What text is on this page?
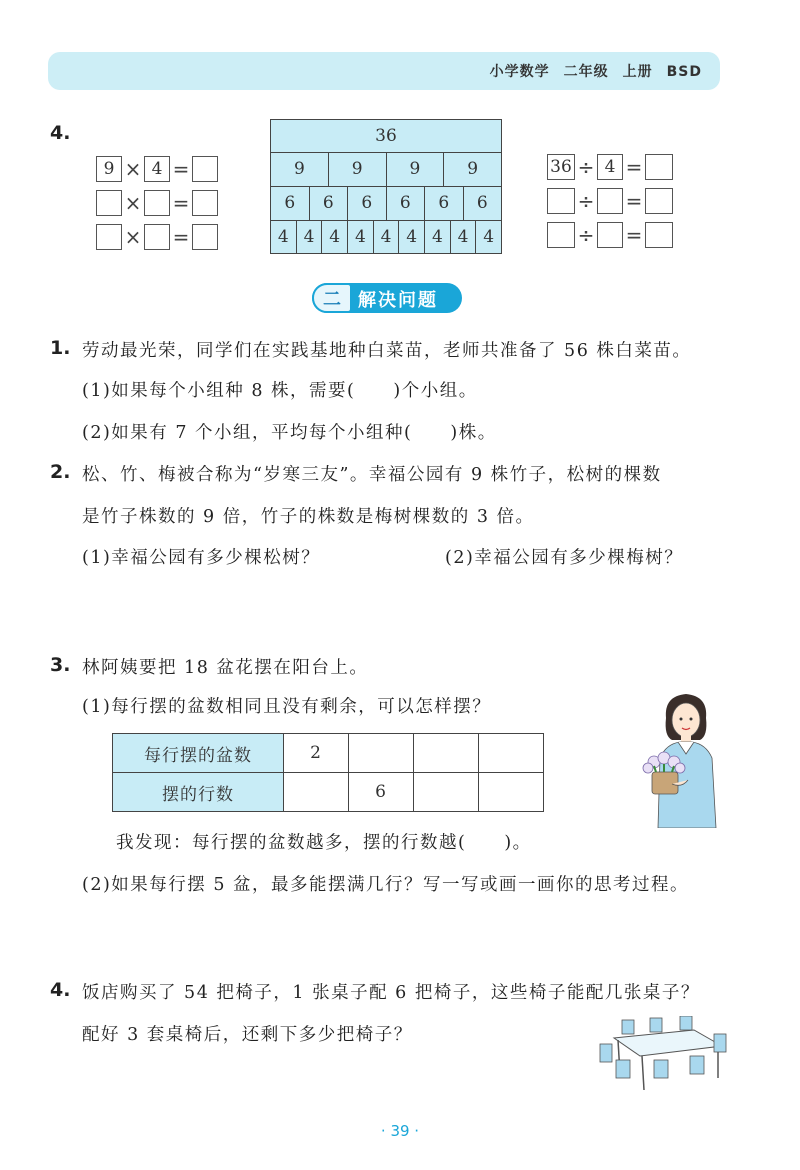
小学数学 二年级 上册 BSD
4.
9 × 4 =
× =
× =
36
9	9	9	9
6	6	6	6	6	6
4 4 4 4 4 4 4 4 4
36 ÷ 4 =
÷ =
÷ =
二 解决问题
1. 劳动最光荣，同学们在实践基地种白菜苗，老师共准备了 56 株白菜苗。
(1)如果每个小组种 8 株，需要(　　)个小组。
(2)如果有 7 个小组，平均每个小组种(　　)株。
2. 松、竹、梅被合称为“岁寒三友”。幸福公园有 9 株竹子，松树的棵数
是竹子株数的 9 倍，竹子的株数是梅树棵数的 3 倍。
(1)幸福公园有多少棵松树？	(2)幸福公园有多少棵梅树？
3. 林阿姨要把 18 盆花摆在阳台上。
(1)每行摆的盆数相同且没有剩余，可以怎样摆？
每行摆的盆数	2			
摆的行数		6		
我发现：每行摆的盆数越多，摆的行数越(　　)。
(2)如果每行摆 5 盆，最多能摆满几行？写一写或画一画你的思考过程。
4. 饭店购买了 54 把椅子，1 张桌子配 6 把椅子，这些椅子能配几张桌子？
配好 3 套桌椅后，还剩下多少把椅子？
· 39 ·
